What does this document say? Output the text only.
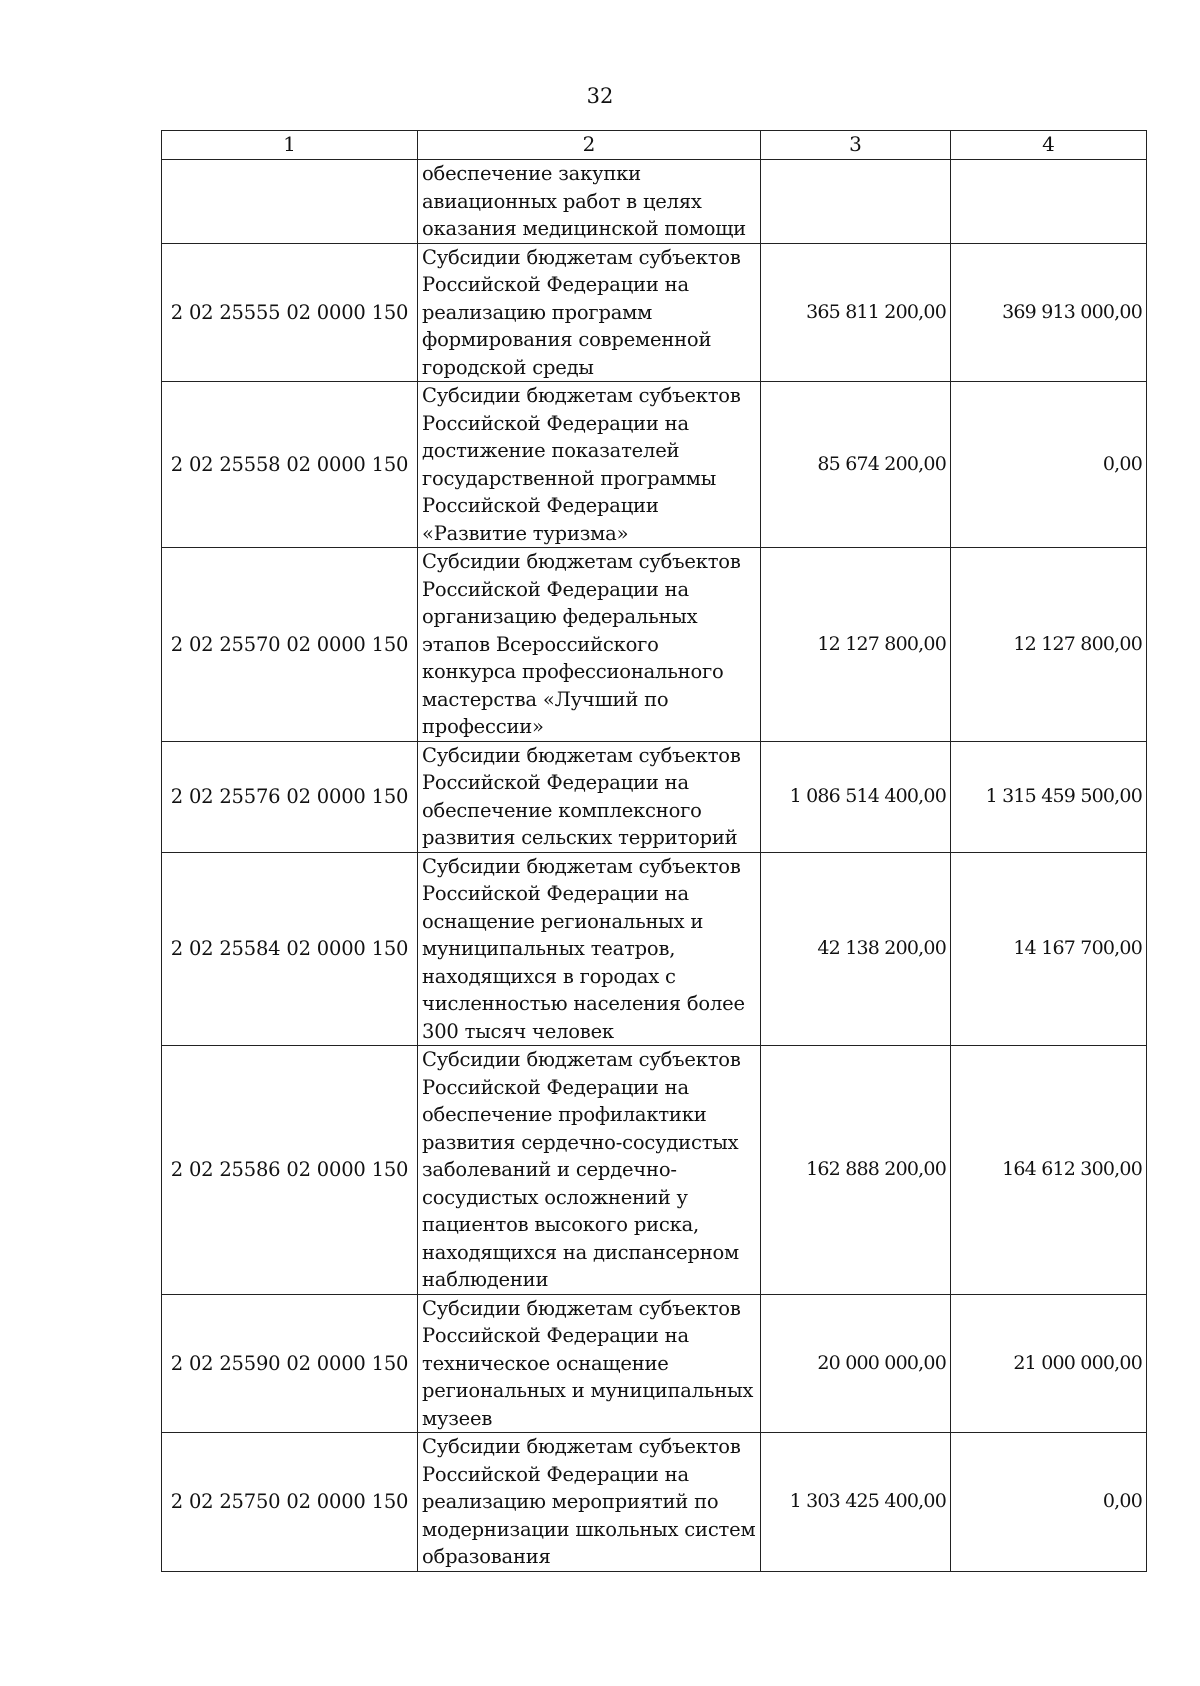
32
1	2	3	4
	обеспечение закупки авиационных работ в целях оказания медицинской помощи		
2 02 25555 02 0000 150	Субсидии бюджетам субъектов Российской Федерации на реализацию программ формирования современной городской среды	365 811 200,00	369 913 000,00
2 02 25558 02 0000 150	Субсидии бюджетам субъектов Российской Федерации на достижение показателей государственной программы Российской Федерации «Развитие туризма»	85 674 200,00	0,00
2 02 25570 02 0000 150	Субсидии бюджетам субъектов Российской Федерации на организацию федеральных этапов Всероссийского конкурса профессионального мастерства «Лучший по профессии»	12 127 800,00	12 127 800,00
2 02 25576 02 0000 150	Субсидии бюджетам субъектов Российской Федерации на обеспечение комплексного развития сельских территорий	1 086 514 400,00	1 315 459 500,00
2 02 25584 02 0000 150	Субсидии бюджетам субъектов Российской Федерации на оснащение региональных и муниципальных театров, находящихся в городах с численностью населения более 300 тысяч человек	42 138 200,00	14 167 700,00
2 02 25586 02 0000 150	Субсидии бюджетам субъектов Российской Федерации на обеспечение профилактики развития сердечно-сосудистых заболеваний и сердечно-сосудистых осложнений у пациентов высокого риска, находящихся на диспансерном наблюдении	162 888 200,00	164 612 300,00
2 02 25590 02 0000 150	Субсидии бюджетам субъектов Российской Федерации на техническое оснащение региональных и муниципальных музеев	20 000 000,00	21 000 000,00
2 02 25750 02 0000 150	Субсидии бюджетам субъектов Российской Федерации на реализацию мероприятий по модернизации школьных систем образования	1 303 425 400,00	0,00
